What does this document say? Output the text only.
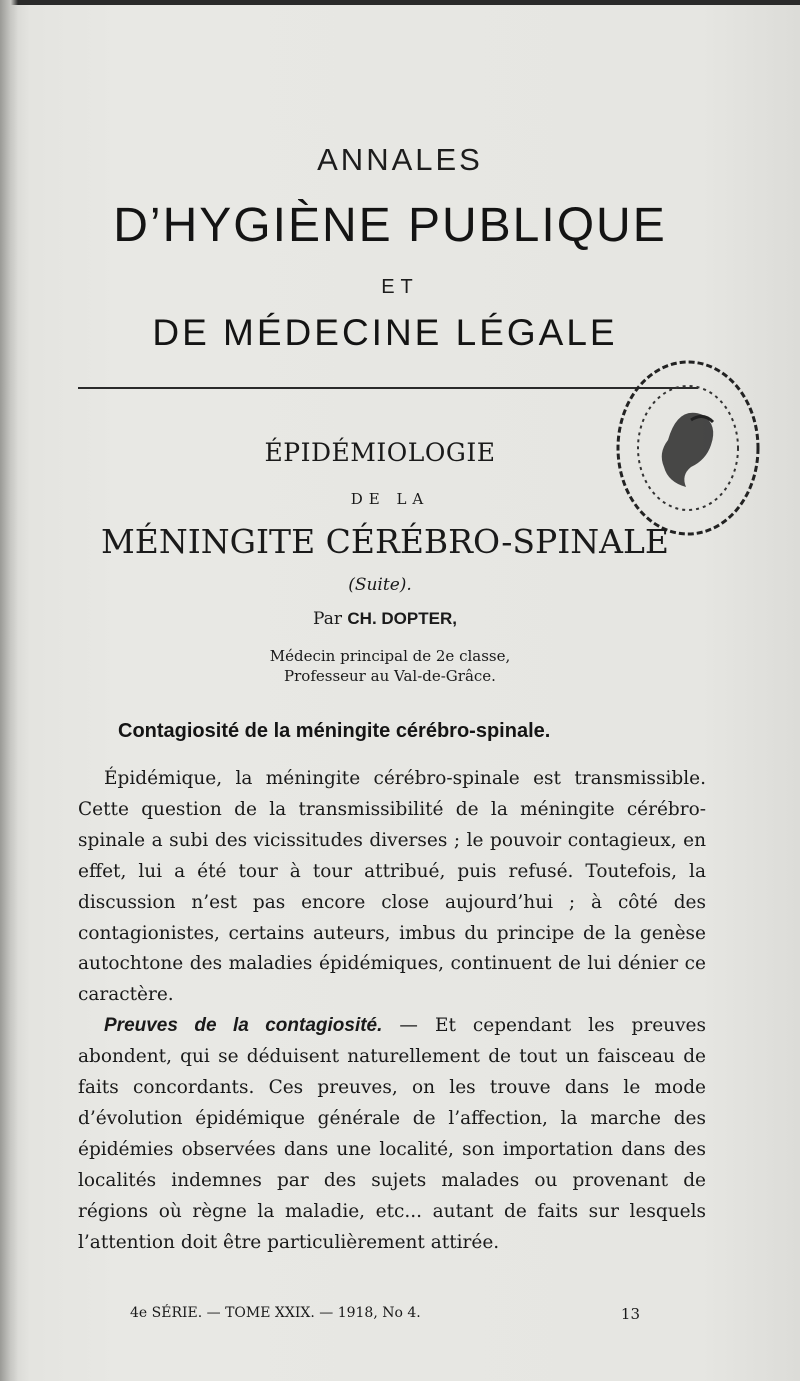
ANNALES
D’HYGIÈNE PUBLIQUE
ET
DE MÉDECINE LÉGALE
ÉPIDÉMIOLOGIE
DE LA
MÉNINGITE CÉRÉBRO-SPINALE
(Suite).
Par CH. DOPTER,
Médecin principal de 2e classe,
Professeur au Val-de-Grâce.
Contagiosité de la méningite cérébro-spinale.

Épidémique, la méningite cérébro-spinale est transmissible. Cette question de la transmissibilité de la méningite cérébro-spinale a subi des vicissitudes diverses ; le pouvoir contagieux, en effet, lui a été tour à tour attribué, puis refusé. Toutefois, la discussion n’est pas encore close aujourd’hui ; à côté des contagionistes, certains auteurs, imbus du principe de la genèse autochtone des maladies épidémiques, continuent de lui dénier ce caractère.

Preuves de la contagiosité. — Et cependant les preuves abondent, qui se déduisent naturellement de tout un faisceau de faits concordants. Ces preuves, on les trouve dans le mode d’évolution épidémique générale de l’affection, la marche des épidémies observées dans une localité, son importation dans des localités indemnes par des sujets malades ou provenant de régions où règne la maladie, etc... autant de faits sur lesquels l’attention doit être particulièrement attirée.

4e SÉRIE. — TOME XXIX. — 1918, No 4.	13
